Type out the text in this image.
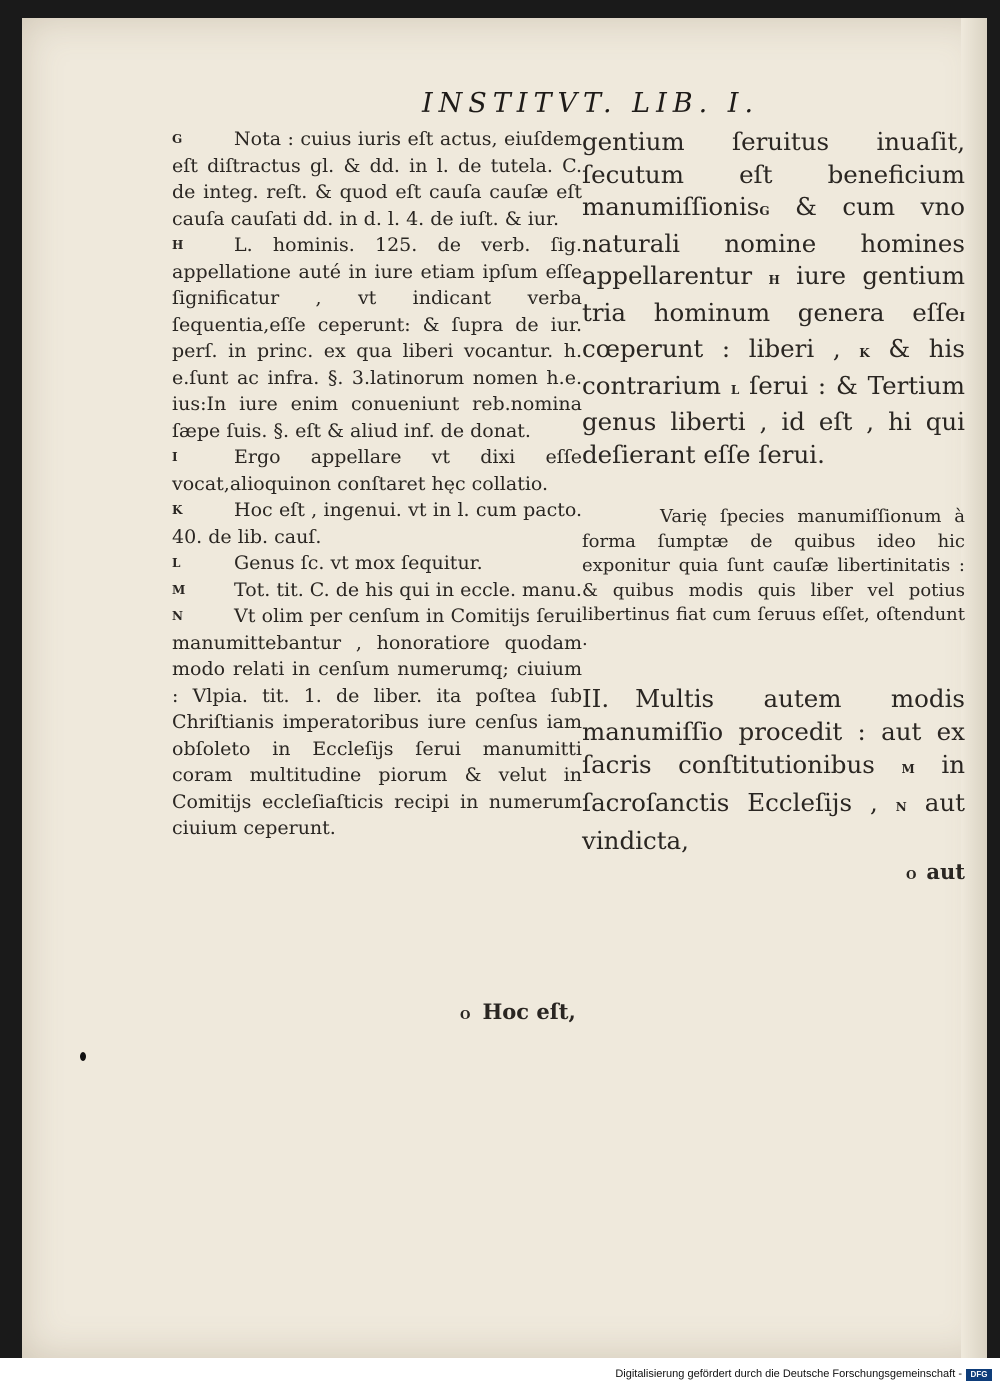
INSTITVT. LIB. I.

G	Nota : cuius iuris eſt actus, eiuſdem eſt diſtractus gl. & dd. in l. de tutela. C. de integ. reſt. & quod eſt cauſa cauſæ eſt cauſa cauſati dd. in d. l. 4. de iuſt. & iur.

H	L. hominis. 125. de verb. ſig. appellatione auté in iure etiam ipſum eſſe ſignificatur , vt indicant verba ſequentia,eſſe ceperunt: & ſupra de iur. perſ. in princ. ex qua liberi vocantur. h. e.ſunt ac infra. §. 3.latinorum nomen h.e. ius:In iure enim conueniunt reb.nomina ſæpe ſuis. §. eſt & aliud inf. de donat.

I	Ergo appellare vt dixi eſſe vocat,alioquinon conſtaret hęc collatio.

K	Hoc eſt , ingenui. vt in l. cum pacto. 40. de lib. cauſ.

L	Genus ſc. vt mox ſequitur.

M	Tot. tit. C. de his qui in eccle. manu.

N	Vt olim per cenſum in Comitijs ſerui manumittebantur , honoratiore quodam modo relati in cenſum numerumq; ciuium : Vlpia. tit. 1. de liber. ita poſtea ſub Chriſtianis imperatoribus iure cenſus iam obſoleto in Eccleſijs ſerui manumitti coram multitudine piorum & velut in Comitijs eccleſiaſticis recipi in numerum ciuium ceperunt.

O Hoc eſt,

gentium ſeruitus inuaſit, ſecutum eſt beneficium manumiſſionisG & cum vno naturali nomine homines appellarentur H iure gentium tria hominum genera eſſeI cœperunt : liberi , K & his contrarium L ſerui : & Tertium genus liberti , id eſt , hi qui deſierant eſſe ſerui.

Varię ſpecies manumiſſionum à forma ſumptæ de quibus ideo hic exponitur quia ſunt cauſæ libertinitatis : & quibus modis quis liber vel potius libertinus fiat cum ſeruus eſſet, oſtendunt .

II. Multis autem modis manumiſſio procedit : aut ex ſacris conſtitutionibus M in ſacroſanctis Eccleſijs , N aut vindicta,

O aut
Digitalisierung gefördert durch die Deutsche Forschungsgemeinschaft -	DFG
